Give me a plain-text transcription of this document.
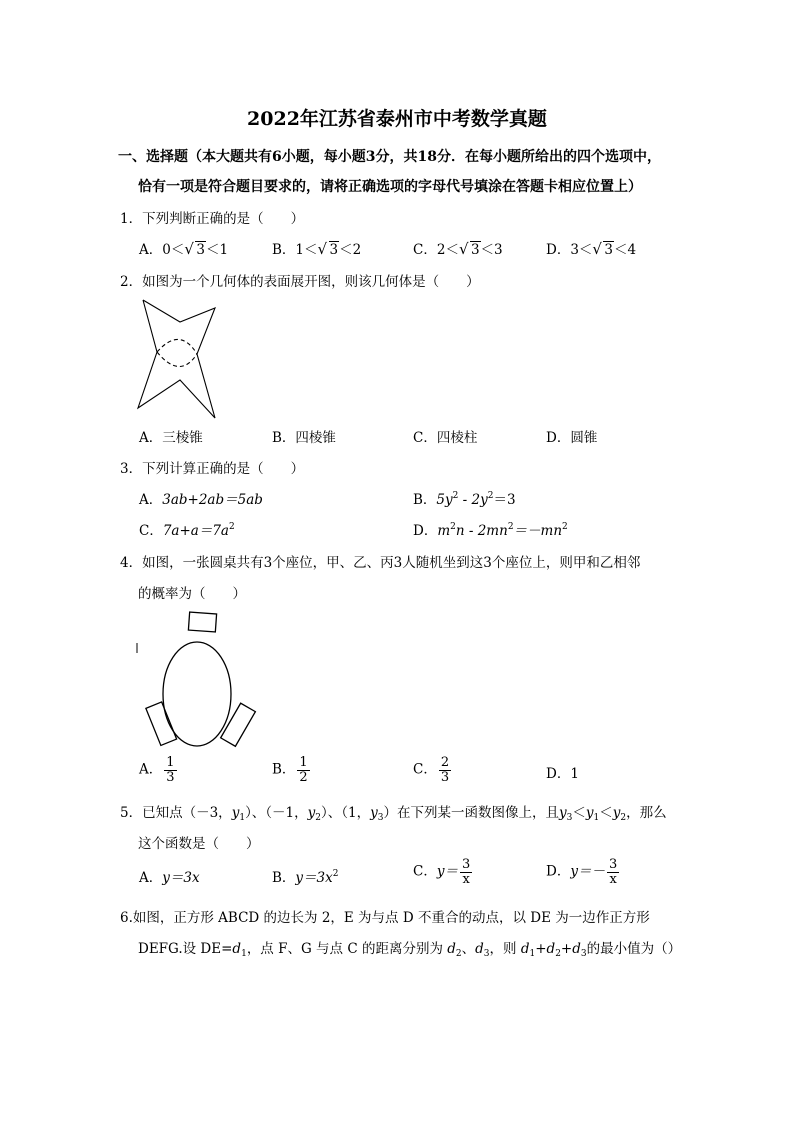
2022年江苏省泰州市中考数学真题
一、选择题（本大题共有6小题，每小题3分，共18分．在每小题所给出的四个选项中，
恰有一项是符合题目要求的，请将正确选项的字母代号填涂在答题卡相应位置上）
1．下列判断正确的是（　　）
A．0＜ √ 3＜1	B．1＜ √ 3＜2	C．2＜ √ 3＜3	D．3＜ √ 3＜4
2．如图为一个几何体的表面展开图，则该几何体是（　　）
A．三棱锥	B．四棱锥	C．四棱柱	D．圆锥
3．下列计算正确的是（　　）
A．3ab+2ab＝5ab	B．$5y^2 - 2y^2=3$
C．$7a+a=7a^2$	D．$m^2n - 2mn^2=-mn^2$
4．如图，一张圆桌共有3个座位，甲、乙、丙3人随机坐到这3个座位上，则甲和乙相邻
的概率为（　　）
A． $\frac{1}{3}$	B． $\frac{1}{2}$	C． $\frac{2}{3}$	D．1
5．已知点（－3，$y_1$）、（－1，$y_2$）、（1，$y_3$）在下列某一函数图像上，且$y_3<y_1<y_2$，那么
这个函数是（　　）
A．y＝3x	B．$y=3x^2$	C．$y= \frac{3}{x}$	D．$y=- \frac{3}{x}$
6.如图，正方形 ABCD 的边长为 2，E 为与点 D 不重合的动点，以 DE 为一边作正方形
DEFG.设 $DE=d_1$，点 F、G 与点 C 的距离分别为 $d_2$、$d_3$，则 $d_1+d_2+d_3$的最小值为（）
